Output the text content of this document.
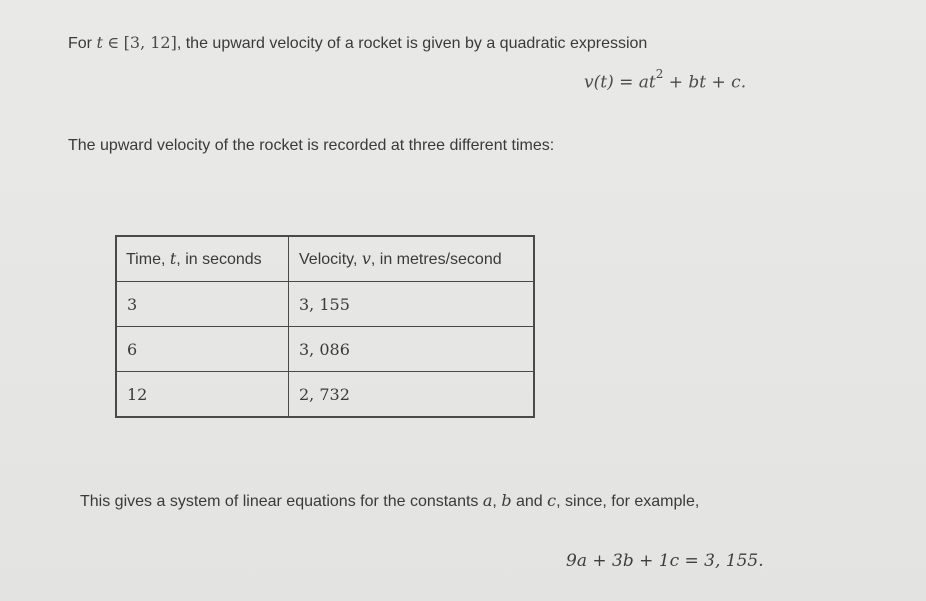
For t ∈ [3, 12], the upward velocity of a rocket is given by a quadratic expression
$v(t) = at^2$ + bt + c.
The upward velocity of the rocket is recorded at three different times:
Time, t, in seconds	Velocity, v, in metres/second
3	3, 155
6	3, 086
12	2, 732
This gives a system of linear equations for the constants a, b and c, since, for example,
9a + 3b + 1c = 3, 155.
